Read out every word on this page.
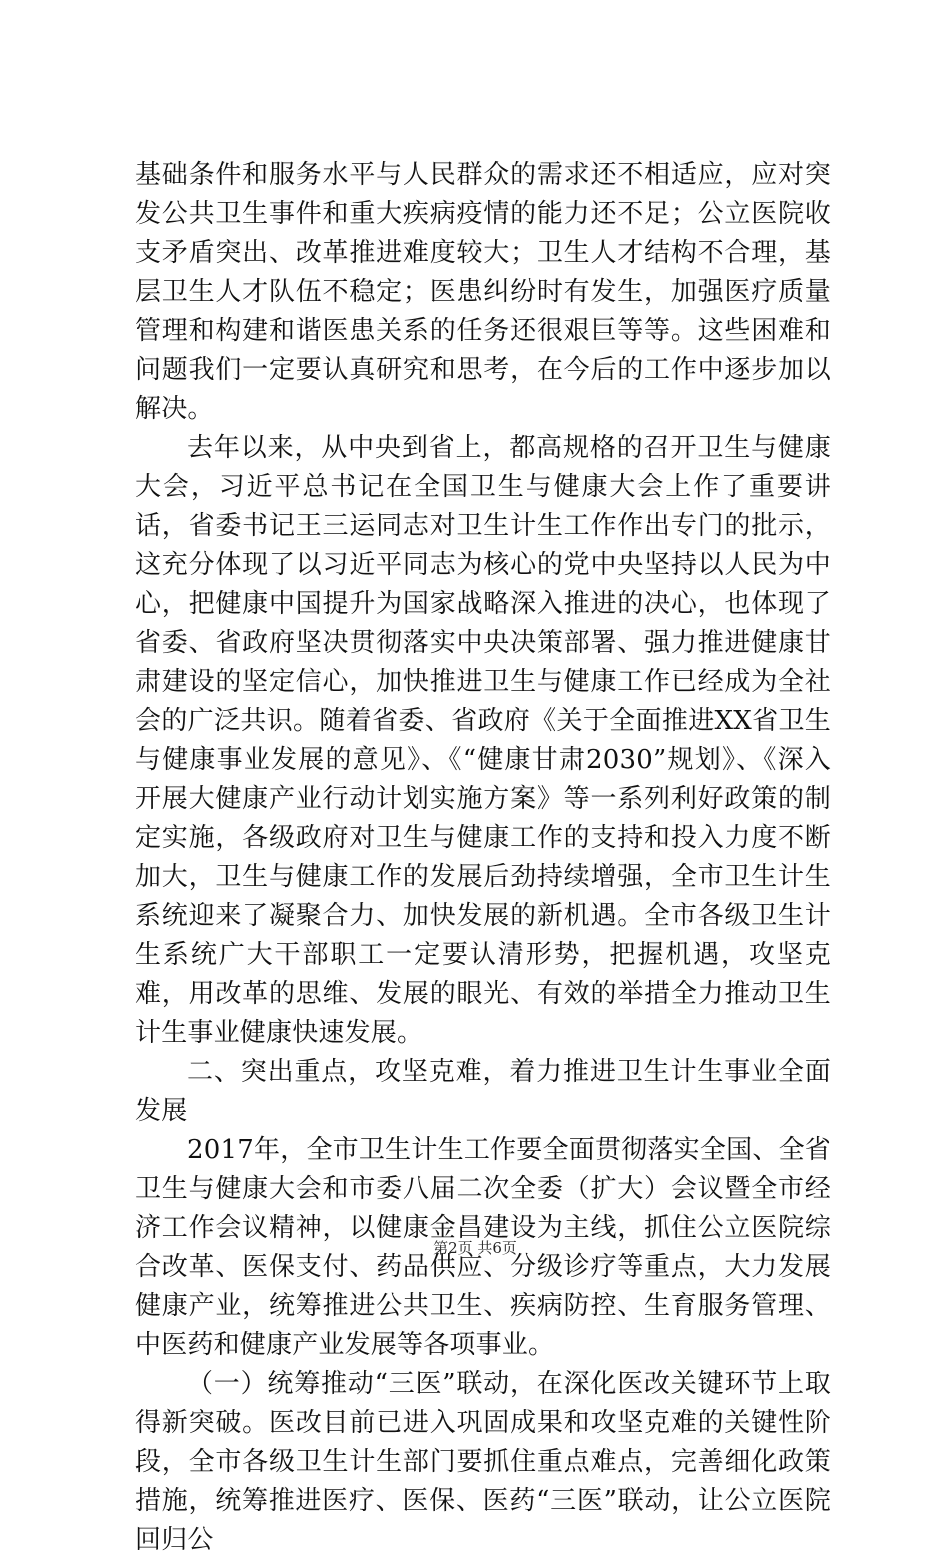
基础条件和服务水平与人民群众的需求还不相适应，应对突发公共卫生事件和重大疾病疫情的能力还不足；公立医院收支矛盾突出、改革推进难度较大；卫生人才结构不合理，基层卫生人才队伍不稳定；医患纠纷时有发生，加强医疗质量管理和构建和谐医患关系的任务还很艰巨等等。这些困难和问题我们一定要认真研究和思考，在今后的工作中逐步加以解决。

去年以来，从中央到省上，都高规格的召开卫生与健康大会，习近平总书记在全国卫生与健康大会上作了重要讲话，省委书记王三运同志对卫生计生工作作出专门的批示，这充分体现了以习近平同志为核心的党中央坚持以人民为中心，把健康中国提升为国家战略深入推进的决心，也体现了省委、省政府坚决贯彻落实中央决策部署、强力推进健康甘肃建设的坚定信心，加快推进卫生与健康工作已经成为全社会的广泛共识。随着省委、省政府《关于全面推进XX省卫生与健康事业发展的意见》、《“健康甘肃2030”规划》、《深入开展大健康产业行动计划实施方案》等一系列利好政策的制定实施，各级政府对卫生与健康工作的支持和投入力度不断加大，卫生与健康工作的发展后劲持续增强，全市卫生计生系统迎来了凝聚合力、加快发展的新机遇。全市各级卫生计生系统广大干部职工一定要认清形势，把握机遇，攻坚克难，用改革的思维、发展的眼光、有效的举措全力推动卫生计生事业健康快速发展。

二、突出重点，攻坚克难，着力推进卫生计生事业全面发展

2017年，全市卫生计生工作要全面贯彻落实全国、全省卫生与健康大会和市委八届二次全委（扩大）会议暨全市经济工作会议精神，以健康金昌建设为主线，抓住公立医院综合改革、医保支付、药品供应、分级诊疗等重点，大力发展健康产业，统筹推进公共卫生、疾病防控、生育服务管理、中医药和健康产业发展等各项事业。

（一）统筹推动“三医”联动，在深化医改关键环节上取得新突破。医改目前已进入巩固成果和攻坚克难的关键性阶段，全市各级卫生计生部门要抓住重点难点，完善细化政策措施，统筹推进医疗、医保、医药“三医”联动，让公立医院回归公

第2页 共6页
